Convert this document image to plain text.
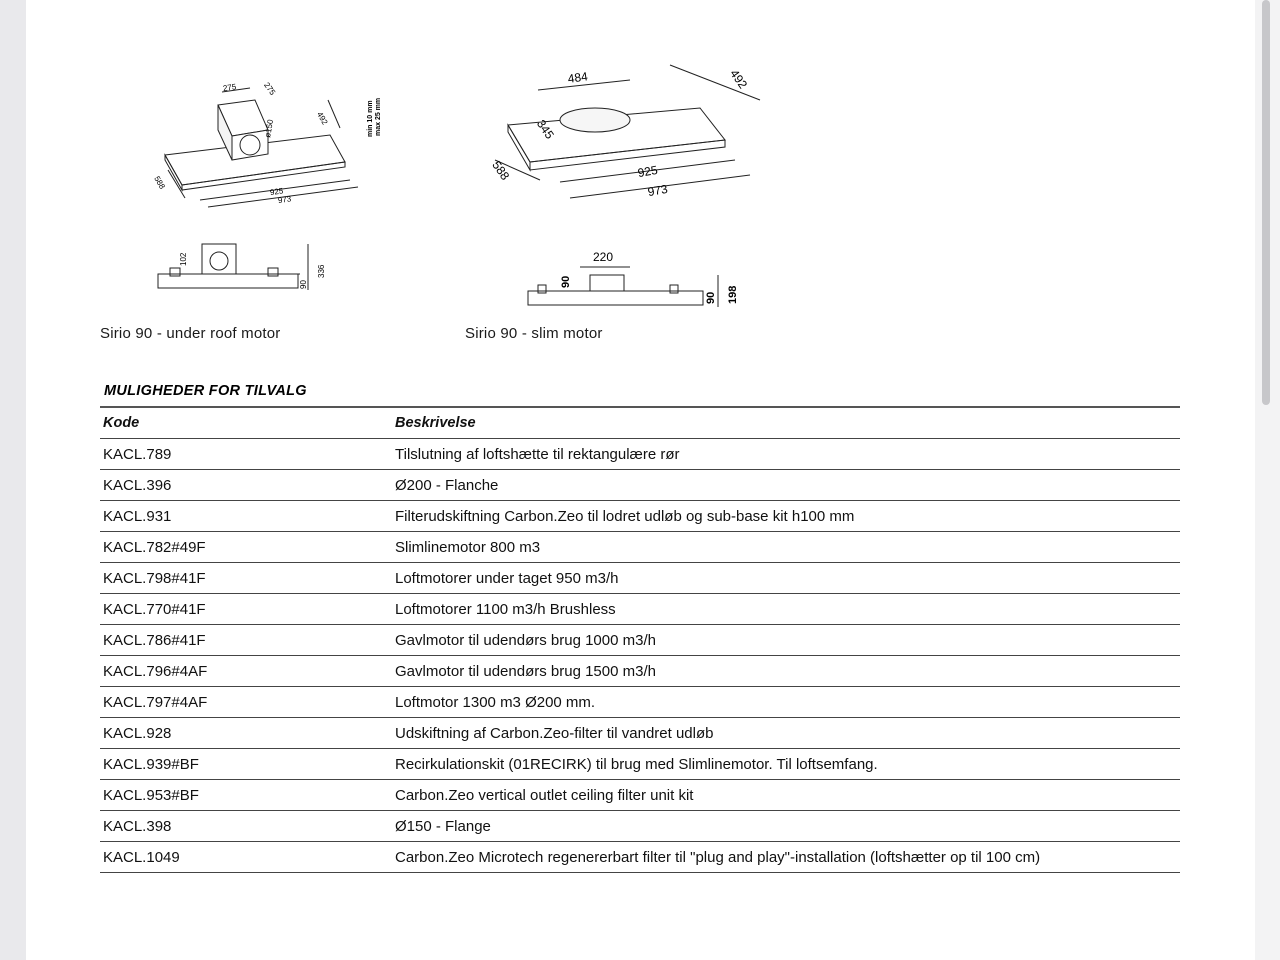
275	275
ø150
492	min 10 mm max 25 mm
588
925
973
102
90
336
484	492
345
588	925
973
220
90
90 198
Sirio 90 - under roof motor	Sirio 90 - slim motor
MULIGHEDER FOR TILVALG
Kode	Beskrivelse
KACL.789	Tilslutning af loftshætte til rektangulære rør
KACL.396	Ø200 - Flanche
KACL.931	Filterudskiftning Carbon.Zeo til lodret udløb og sub-base kit h100 mm
KACL.782#49F	Slimlinemotor 800 m3
KACL.798#41F	Loftmotorer under taget 950 m3/h
KACL.770#41F	Loftmotorer 1100 m3/h Brushless
KACL.786#41F	Gavlmotor til udendørs brug 1000 m3/h
KACL.796#4AF	Gavlmotor til udendørs brug 1500 m3/h
KACL.797#4AF	Loftmotor 1300 m3 Ø200 mm.
KACL.928	Udskiftning af Carbon.Zeo-filter til vandret udløb
KACL.939#BF	Recirkulationskit (01RECIRK) til brug med Slimlinemotor. Til loftsemfang.
KACL.953#BF	Carbon.Zeo vertical outlet ceiling filter unit kit
KACL.398	Ø150 - Flange
KACL.1049	Carbon.Zeo Microtech regenererbart filter til "plug and play"-installation (loftshætter op til 100 cm)
